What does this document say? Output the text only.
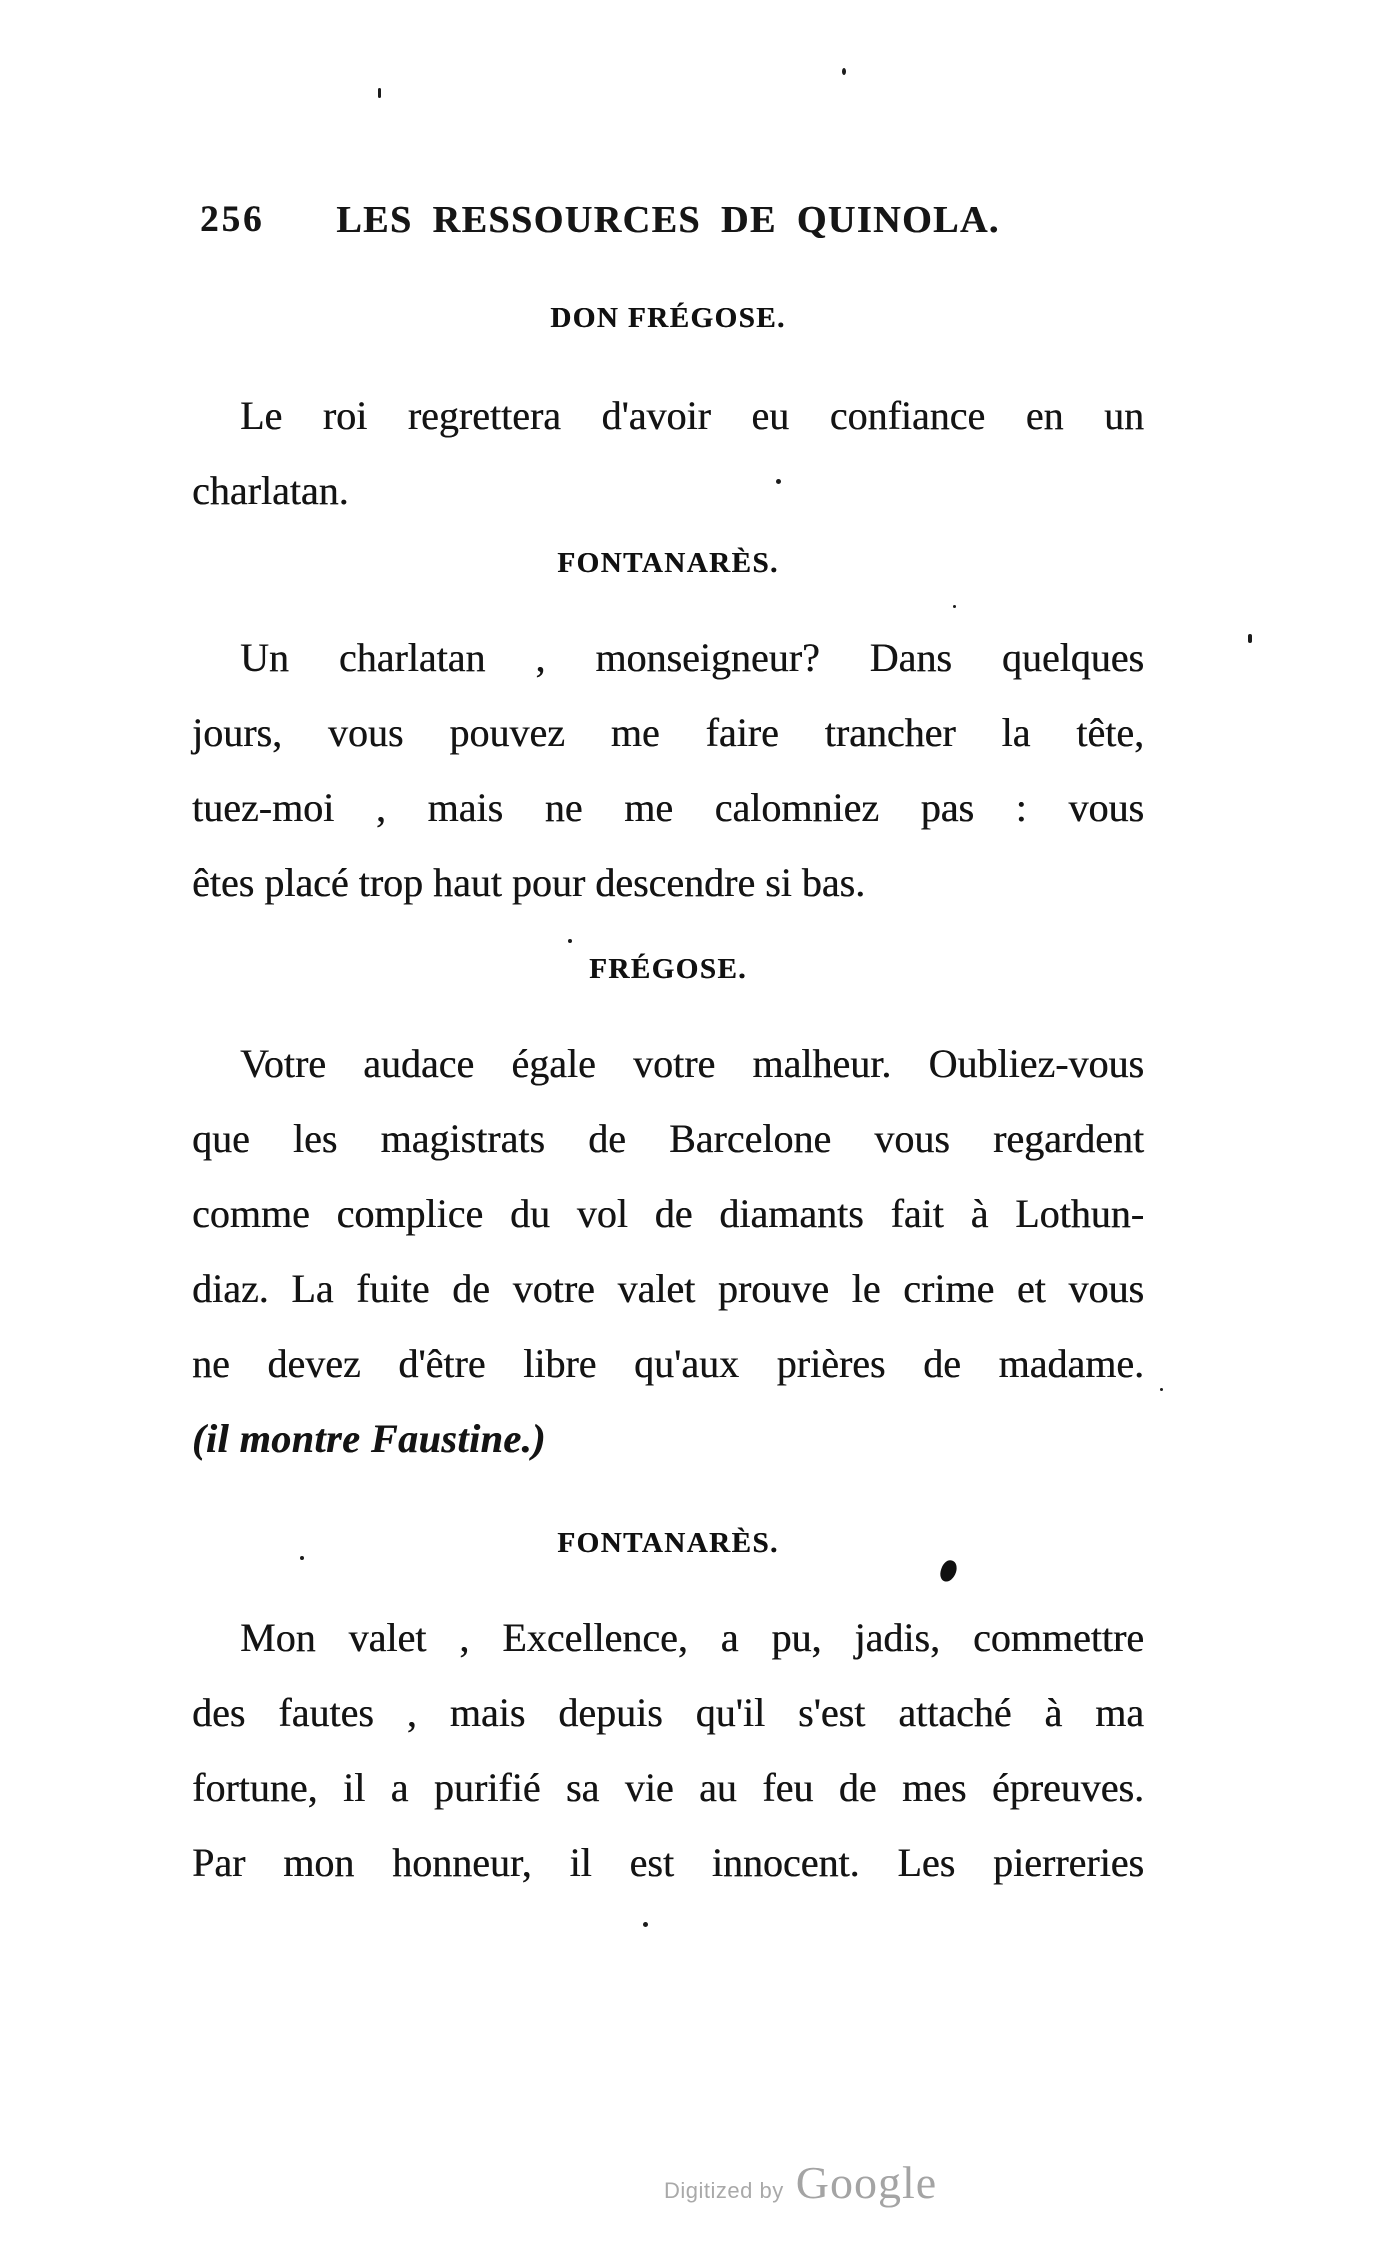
256	LES RESSOURCES DE QUINOLA.
DON FRÉGOSE.
Le roi regrettera d'avoir eu confiance en un
charlatan.
FONTANARÈS.
Un charlatan , monseigneur? Dans quelques
jours, vous pouvez me faire trancher la tête,
tuez-moi , mais ne me calomniez pas : vous
êtes placé trop haut pour descendre si bas.
FRÉGOSE.
Votre audace égale votre malheur. Oubliez-vous
que les magistrats de Barcelone vous regardent
comme complice du vol de diamants fait à Lothun-
diaz. La fuite de votre valet prouve le crime et vous
ne devez d'être libre qu'aux prières de madame.
(il montre Faustine.)
FONTANARÈS.
Mon valet , Excellence, a pu, jadis, commettre
des fautes , mais depuis qu'il s'est attaché à ma
fortune, il a purifié sa vie au feu de mes épreuves.
Par mon honneur, il est innocent. Les pierreries
Digitized by Google
